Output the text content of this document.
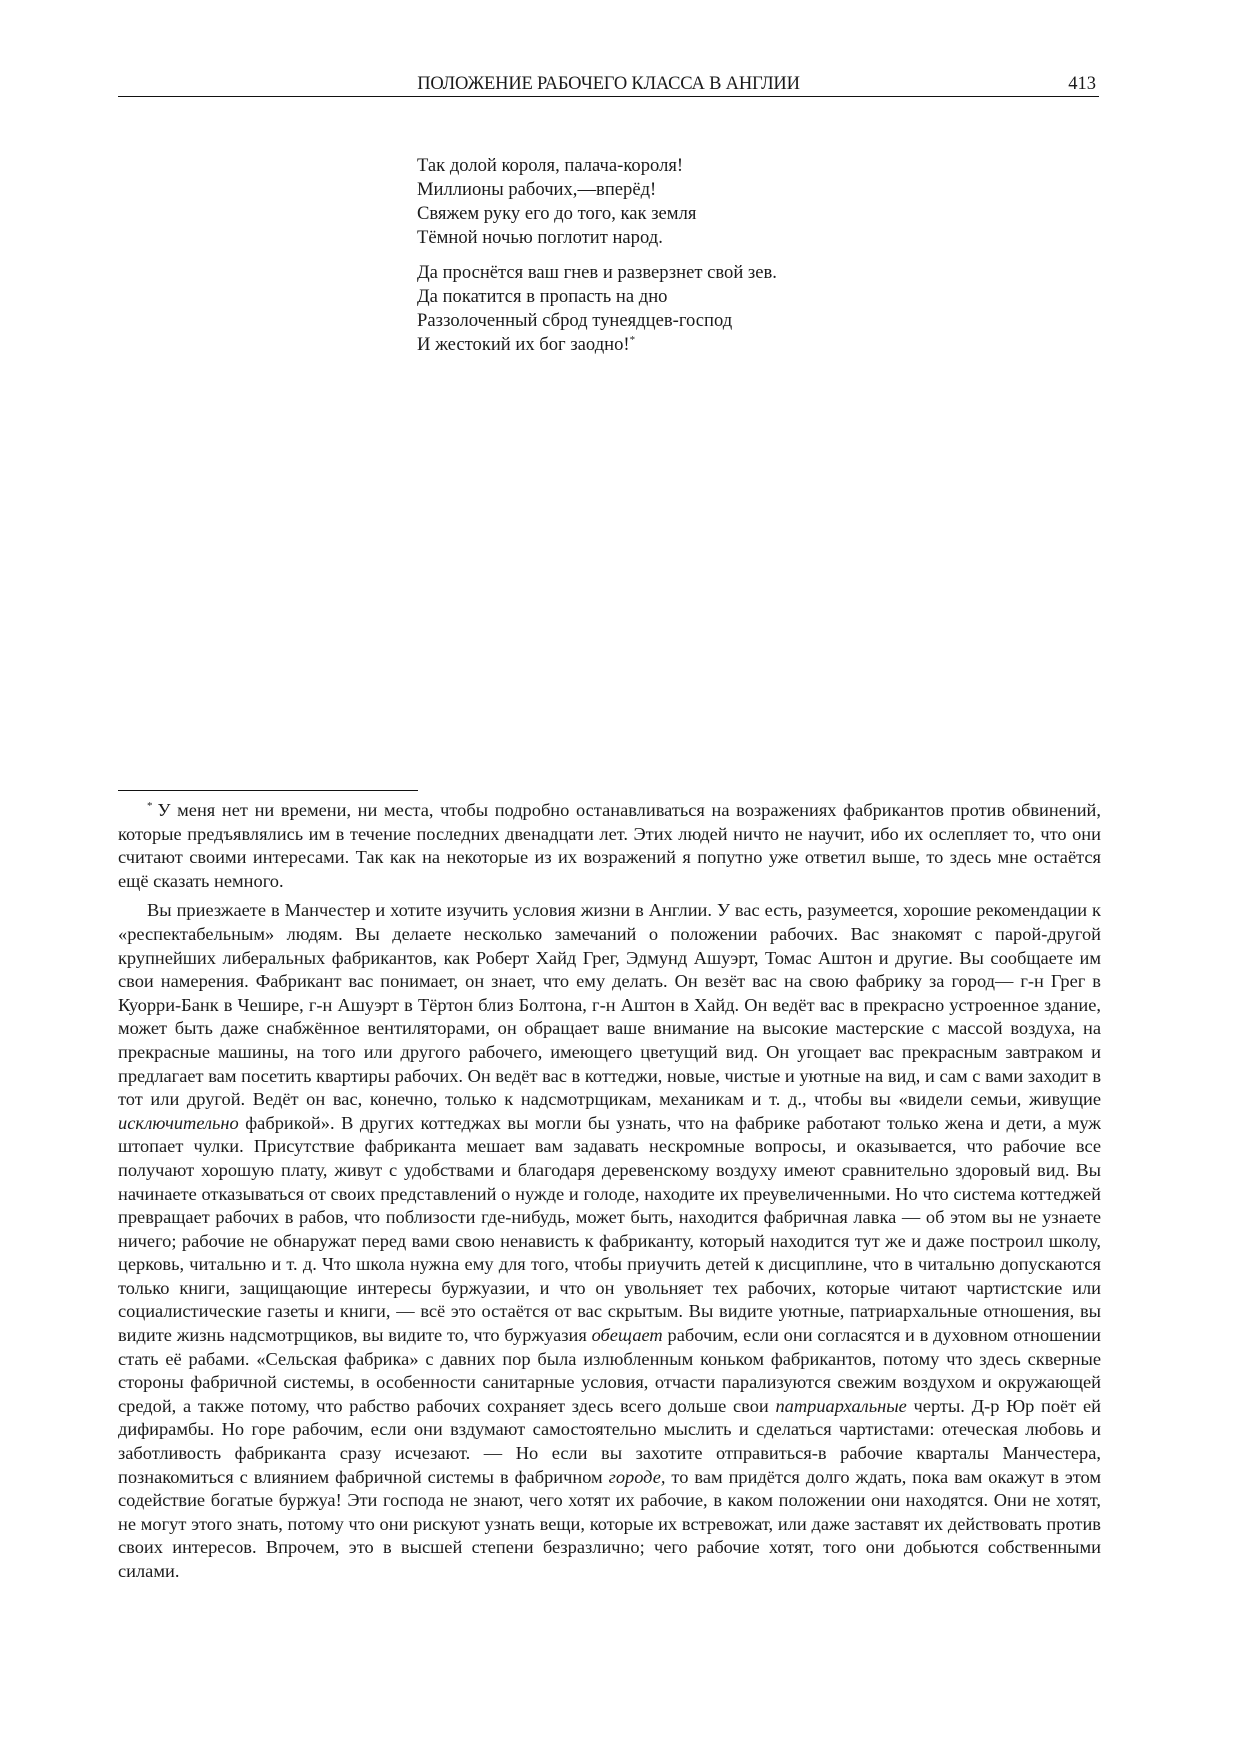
ПОЛОЖЕНИЕ РАБОЧЕГО КЛАССА В АНГЛИИ	413
Так долой короля, палача-короля!
Миллионы рабочих,—вперёд!
Свяжем руку его до того, как земля
Тёмной ночью поглотит народ.
Да проснётся ваш гнев и разверзнет свой зев.
Да покатится в пропасть на дно
Раззолоченный сброд тунеядцев-господ
И жестокий их бог заодно!*

* У меня нет ни времени, ни места, чтобы подробно останавливаться на возражениях фабрикантов против обвинений, которые предъявлялись им в течение последних двенадцати лет. Этих людей ничто не научит, ибо их ослепляет то, что они считают своими интересами. Так как на некоторые из их возражений я попутно уже ответил выше, то здесь мне остаётся ещё сказать немного.

Вы приезжаете в Манчестер и хотите изучить условия жизни в Англии. У вас есть, разумеется, хорошие рекомендации к «респектабельным» людям. Вы делаете несколько замечаний о положении рабочих. Вас знакомят с парой-другой крупнейших либеральных фабрикантов, как Роберт Хайд Грег, Эдмунд Ашуэрт, Томас Аштон и другие. Вы сообщаете им свои намерения. Фабрикант вас понимает, он знает, что ему делать. Он везёт вас на свою фабрику за город— г-н Грег в Куорри-Банк в Чешире, г-н Ашуэрт в Тёртон близ Болтона, г-н Аштон в Хайд. Он ведёт вас в прекрасно устроенное здание, может быть даже снабжённое вентиляторами, он обращает ваше внимание на высокие мастерские с массой воздуха, на прекрасные машины, на того или другого рабочего, имеющего цветущий вид. Он угощает вас прекрасным завтраком и предлагает вам посетить квартиры рабочих. Он ведёт вас в коттеджи, новые, чистые и уютные на вид, и сам с вами заходит в тот или другой. Ведёт он вас, конечно, только к надсмотрщикам, механикам и т. д., чтобы вы «видели семьи, живущие исключительно фабрикой». В других коттеджах вы могли бы узнать, что на фабрике работают только жена и дети, а муж штопает чулки. Присутствие фабриканта мешает вам задавать нескромные вопросы, и оказывается, что рабочие все получают хорошую плату, живут с удобствами и благодаря деревенскому воздуху имеют сравнительно здоровый вид. Вы начинаете отказываться от своих представлений о нужде и голоде, находите их преувеличенными. Но что система коттеджей превращает рабочих в рабов, что поблизости где-нибудь, может быть, находится фабричная лавка — об этом вы не узнаете ничего; рабочие не обнаружат перед вами свою ненависть к фабриканту, который находится тут же и даже построил школу, церковь, читальню и т. д. Что школа нужна ему для того, чтобы приучить детей к дисциплине, что в читальню допускаются только книги, защищающие интересы буржуазии, и что он увольняет тех рабочих, которые читают чартистские или социалистические газеты и книги, — всё это остаётся от вас скрытым. Вы видите уютные, патриархальные отношения, вы видите жизнь надсмотрщиков, вы видите то, что буржуазия обещает рабочим, если они согласятся и в духовном отношении стать её рабами. «Сельская фабрика» с давних пор была излюбленным коньком фабрикантов, потому что здесь скверные стороны фабричной системы, в особенности санитарные условия, отчасти парализуются свежим воздухом и окружающей средой, а также потому, что рабство рабочих сохраняет здесь всего дольше свои патриархальные черты. Д-р Юр поёт ей дифирамбы. Но горе рабочим, если они вздумают самостоятельно мыслить и сделаться чартистами: отеческая любовь и заботливость фабриканта сразу исчезают. — Но если вы захотите отправиться-в рабочие кварталы Манчестера, познакомиться с влиянием фабричной системы в фабричном городе, то вам придётся долго ждать, пока вам окажут в этом содействие богатые буржуа! Эти господа не знают, чего хотят их рабочие, в каком положении они находятся. Они не хотят, не могут этого знать, потому что они рискуют узнать вещи, которые их встревожат, или даже заставят их действовать против своих интересов. Впрочем, это в высшей степени безразлично; чего рабочие хотят, того они добьются собственными силами.
